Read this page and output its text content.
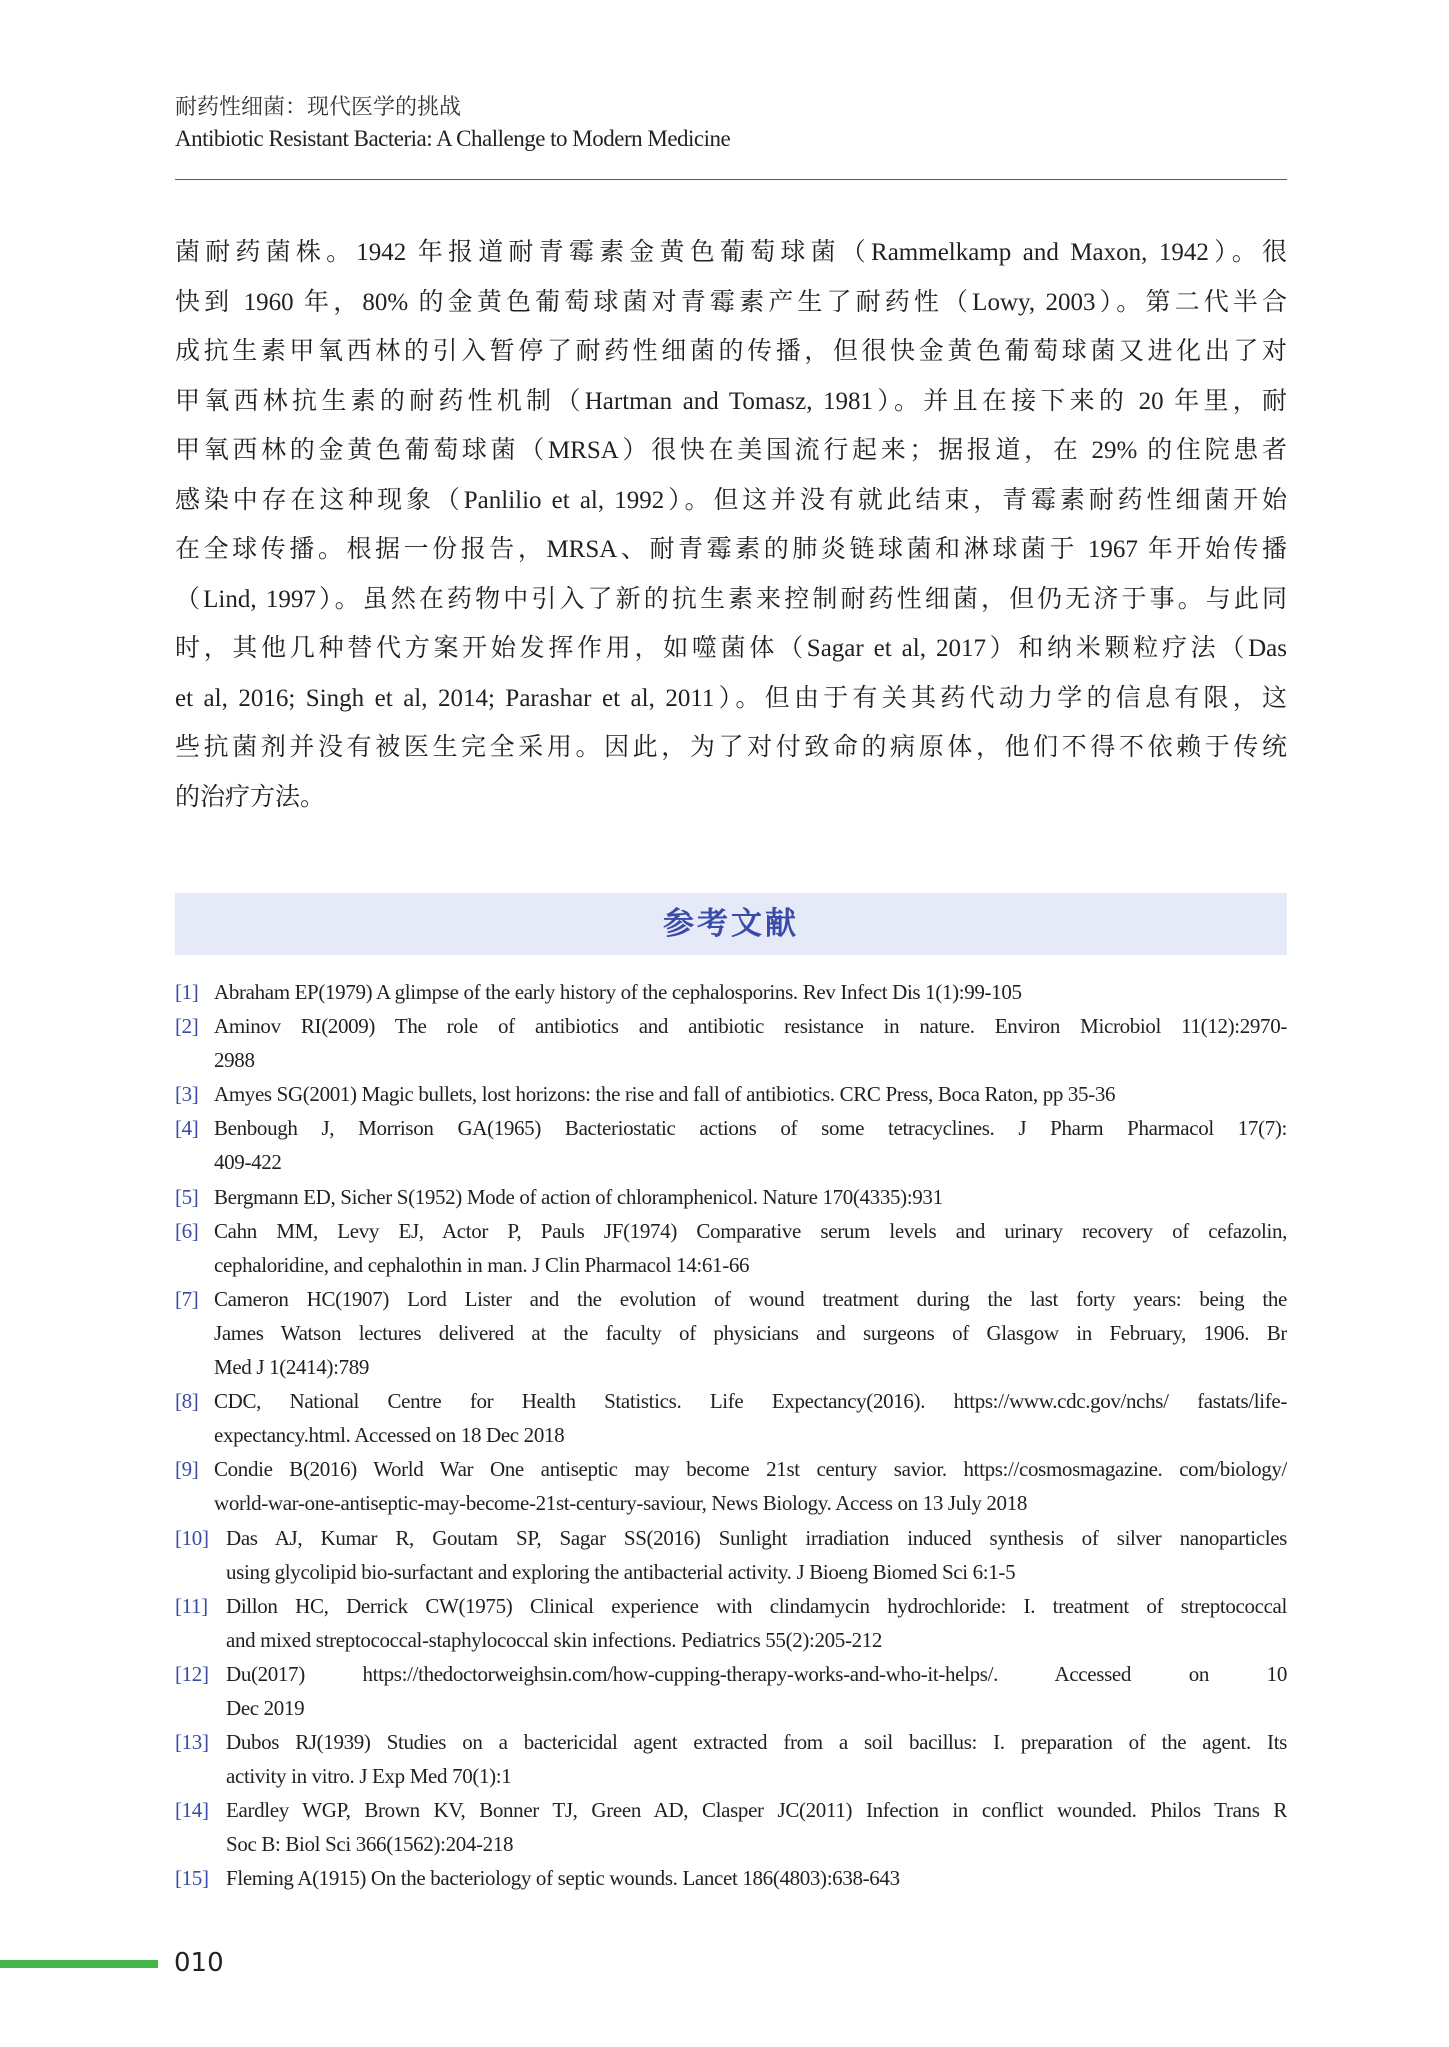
耐药性细菌：现代医学的挑战
Antibiotic Resistant Bacteria: A Challenge to Modern Medicine
菌耐药菌株。1942 年报道耐青霉素金黄色葡萄球菌（Rammelkamp and Maxon, 1942）。很
快到 1960 年，80% 的金黄色葡萄球菌对青霉素产生了耐药性（Lowy, 2003）。第二代半合
成抗生素甲氧西林的引入暂停了耐药性细菌的传播，但很快金黄色葡萄球菌又进化出了对
甲氧西林抗生素的耐药性机制（Hartman and Tomasz, 1981）。并且在接下来的 20 年里，耐
甲氧西林的金黄色葡萄球菌（MRSA）很快在美国流行起来；据报道，在 29% 的住院患者
感染中存在这种现象（Panlilio et al, 1992）。但这并没有就此结束，青霉素耐药性细菌开始
在全球传播。根据一份报告，MRSA、耐青霉素的肺炎链球菌和淋球菌于 1967 年开始传播
（Lind, 1997）。虽然在药物中引入了新的抗生素来控制耐药性细菌，但仍无济于事。与此同
时，其他几种替代方案开始发挥作用，如噬菌体（Sagar et al, 2017）和纳米颗粒疗法（Das
et al, 2016; Singh et al, 2014; Parashar et al, 2011）。但由于有关其药代动力学的信息有限，这
些抗菌剂并没有被医生完全采用。因此，为了对付致命的病原体，他们不得不依赖于传统
的治疗方法。
参考文献
[1] Abraham EP(1979) A glimpse of the early history of the cephalosporins. Rev Infect Dis 1(1):99-105
[2] Aminov RI(2009) The role of antibiotics and antibiotic resistance in nature. Environ Microbiol 11(12):2970-
2988
[3] Amyes SG(2001) Magic bullets, lost horizons: the rise and fall of antibiotics. CRC Press, Boca Raton, pp 35-36
[4] Benbough J, Morrison GA(1965) Bacteriostatic actions of some tetracyclines. J Pharm Pharmacol 17(7):
409-422
[5] Bergmann ED, Sicher S(1952) Mode of action of chloramphenicol. Nature 170(4335):931
[6] Cahn MM, Levy EJ, Actor P, Pauls JF(1974) Comparative serum levels and urinary recovery of cefazolin,
cephaloridine, and cephalothin in man. J Clin Pharmacol 14:61-66
[7] Cameron HC(1907) Lord Lister and the evolution of wound treatment during the last forty years: being the
James Watson lectures delivered at the faculty of physicians and surgeons of Glasgow in February, 1906. Br
Med J 1(2414):789
[8] CDC, National Centre for Health Statistics. Life Expectancy(2016). https://www.cdc.gov/nchs/ fastats/life-
expectancy.html. Accessed on 18 Dec 2018
[9] Condie B(2016) World War One antiseptic may become 21st century savior. https://cosmosmagazine. com/biology/
world-war-one-antiseptic-may-become-21st-century-saviour, News Biology. Access on 13 July 2018
[10] Das AJ, Kumar R, Goutam SP, Sagar SS(2016) Sunlight irradiation induced synthesis of silver nanoparticles
using glycolipid bio-surfactant and exploring the antibacterial activity. J Bioeng Biomed Sci 6:1-5
[11] Dillon HC, Derrick CW(1975) Clinical experience with clindamycin hydrochloride: I. treatment of streptococcal
and mixed streptococcal-staphylococcal skin infections. Pediatrics 55(2):205-212
[12] Du(2017) https://thedoctorweighsin.com/how-cupping-therapy-works-and-who-it-helps/. Accessed on 10
Dec 2019
[13] Dubos RJ(1939) Studies on a bactericidal agent extracted from a soil bacillus: I. preparation of the agent. Its
activity in vitro. J Exp Med 70(1):1
[14] Eardley WGP, Brown KV, Bonner TJ, Green AD, Clasper JC(2011) Infection in conflict wounded. Philos Trans R
Soc B: Biol Sci 366(1562):204-218
[15] Fleming A(1915) On the bacteriology of septic wounds. Lancet 186(4803):638-643
010
